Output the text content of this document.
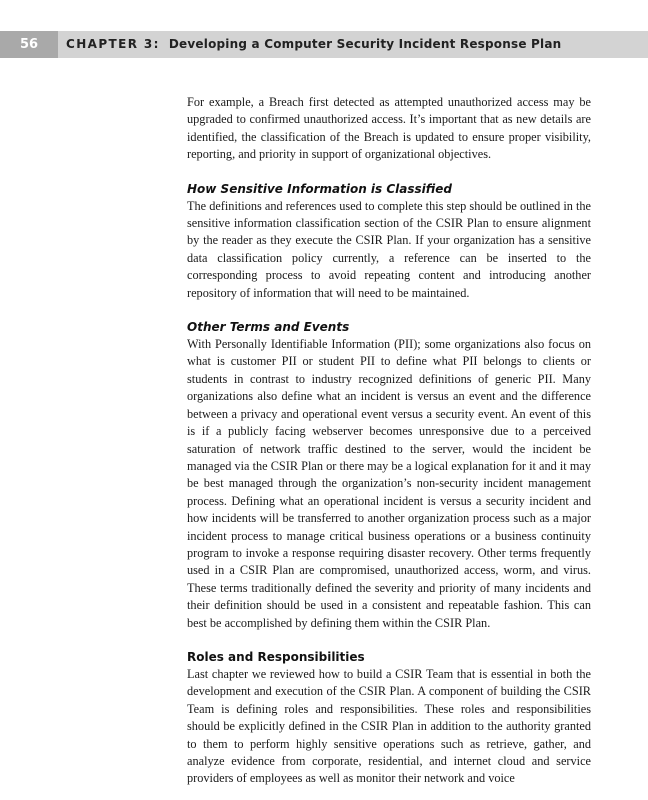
56	CHAPTER 3: Developing a Computer Security Incident Response Plan

For example, a Breach first detected as attempted unauthorized access may be upgraded to confirmed unauthorized access. It’s important that as new details are identified, the classification of the Breach is updated to ensure proper visibility, reporting, and priority in support of organizational objectives.

How Sensitive Information is Classified

The definitions and references used to complete this step should be outlined in the sensitive information classification section of the CSIR Plan to ensure alignment by the reader as they execute the CSIR Plan. If your organization has a sensitive data classification policy currently, a reference can be inserted to the corresponding process to avoid repeating content and introducing another repository of information that will need to be maintained.

Other Terms and Events

With Personally Identifiable Information (PII); some organizations also focus on what is customer PII or student PII to define what PII belongs to clients or students in contrast to industry recognized definitions of generic PII. Many organizations also define what an incident is versus an event and the difference between a privacy and operational event versus a security event. An event of this is if a publicly facing webserver becomes unresponsive due to a perceived saturation of network traffic destined to the server, would the incident be managed via the CSIR Plan or there may be a logical explanation for it and it may be best managed through the organization’s non-security incident management process. Defining what an operational incident is versus a security incident and how incidents will be transferred to another organization process such as a major incident process to manage critical business operations or a business continuity program to invoke a response requiring disaster recovery. Other terms frequently used in a CSIR Plan are compromised, unauthorized access, worm, and virus. These terms traditionally defined the severity and priority of many incidents and their definition should be used in a consistent and repeatable fashion. This can best be accomplished by defining them within the CSIR Plan.

Roles and Responsibilities

Last chapter we reviewed how to build a CSIR Team that is essential in both the development and execution of the CSIR Plan. A component of building the CSIR Team is defining roles and responsibilities. These roles and responsibilities should be explicitly defined in the CSIR Plan in addition to the authority granted to them to perform highly sensitive operations such as retrieve, gather, and analyze evidence from corporate, residential, and internet cloud and service providers of employees as well as monitor their network and voice
